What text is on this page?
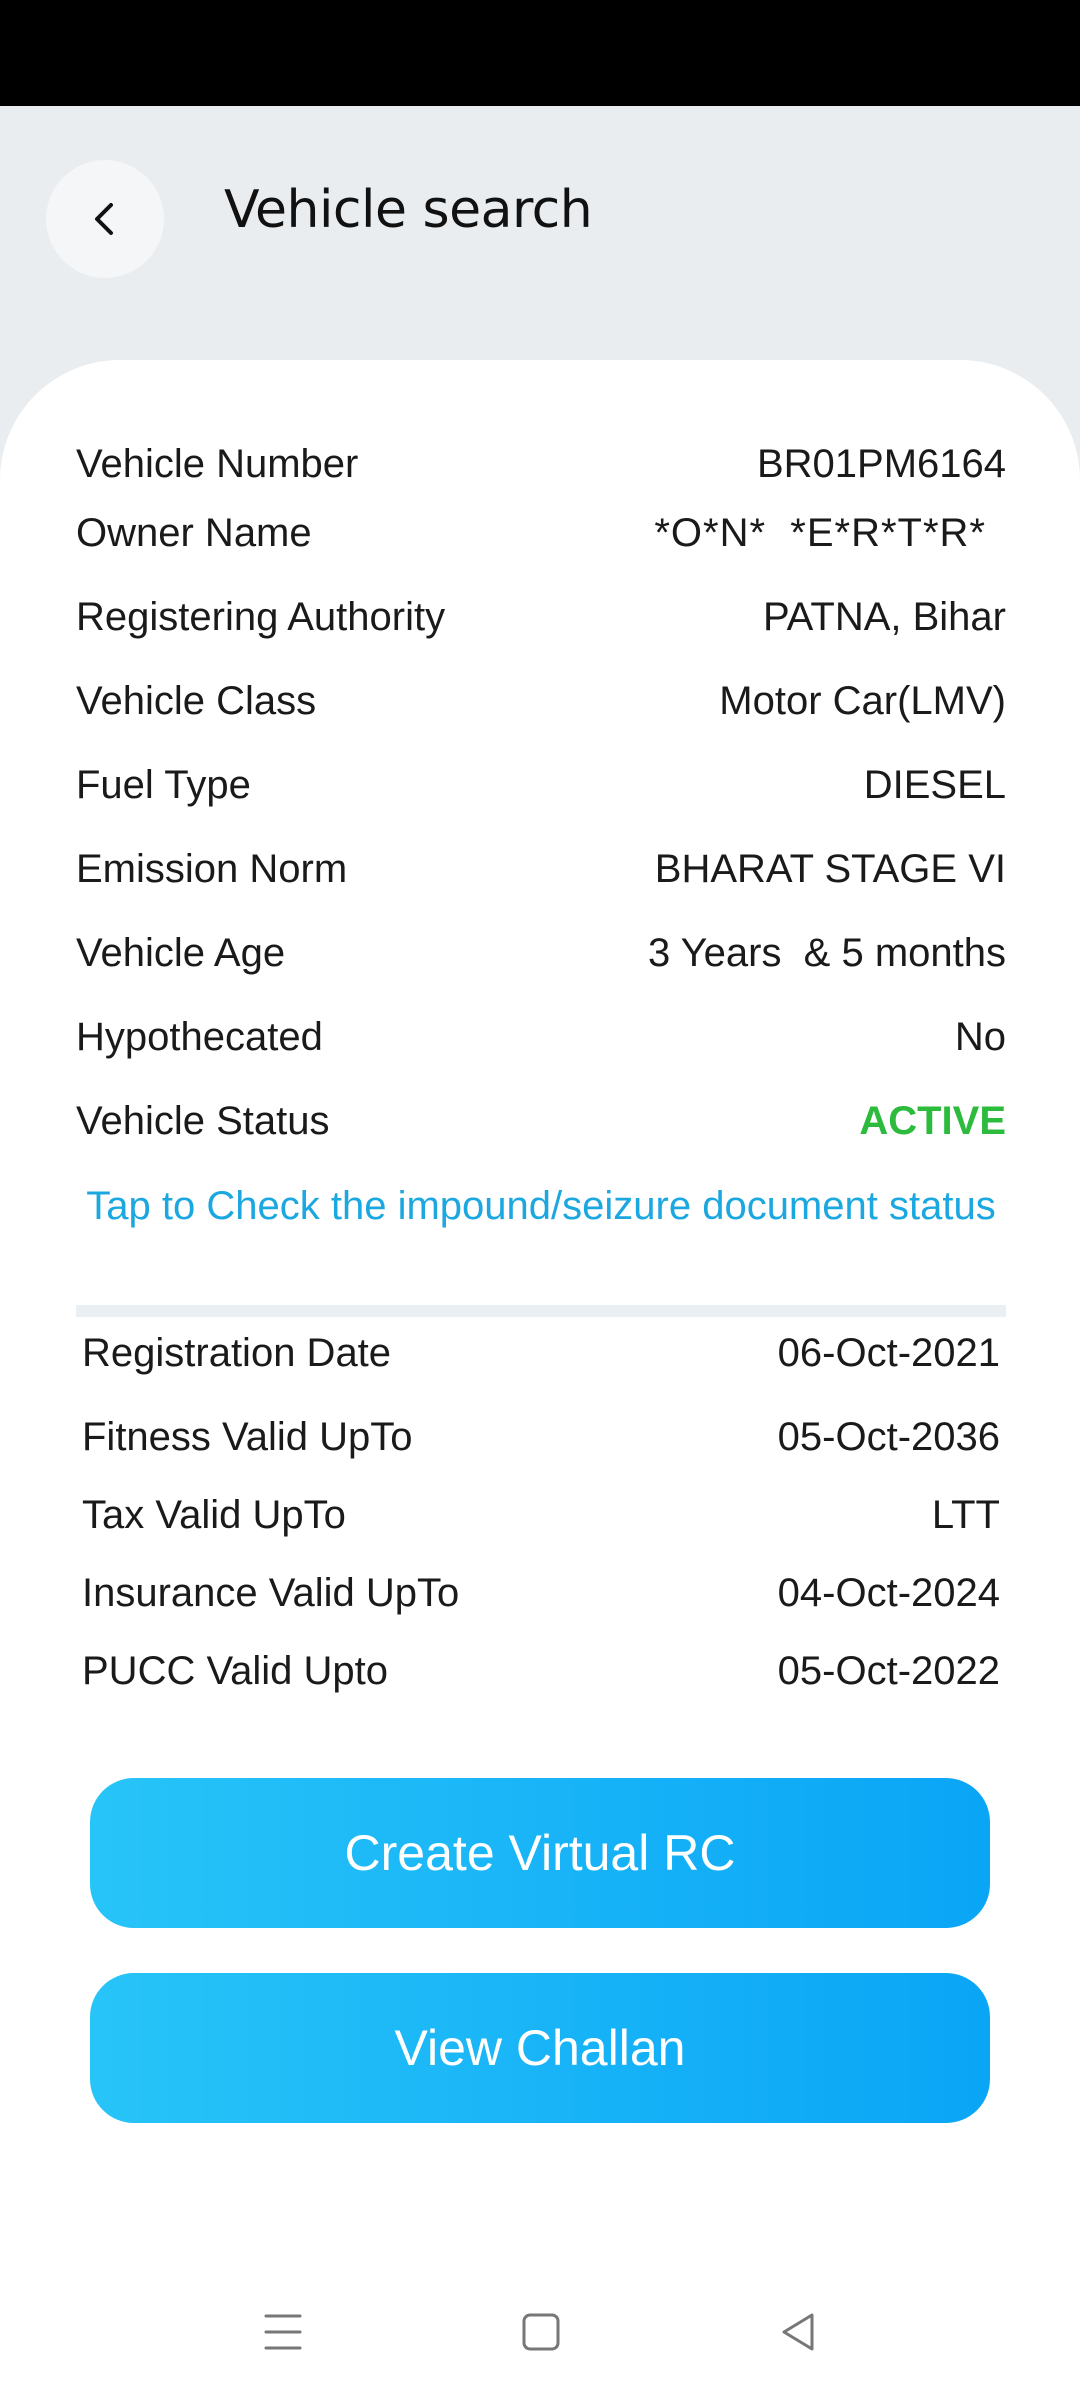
Vehicle search
Vehicle Number	BR01PM6164
Owner Name	*O*N*  *E*R*T*R*
Registering Authority	PATNA, Bihar
Vehicle Class	Motor Car(LMV)
Fuel Type	DIESEL
Emission Norm	BHARAT STAGE VI
Vehicle Age	3 Years  & 5 months
Hypothecated	No
Vehicle Status	ACTIVE
Tap to Check the impound/seizure document status
Registration Date	06-Oct-2021
Fitness Valid UpTo	05-Oct-2036
Tax Valid UpTo	LTT
Insurance Valid UpTo	04-Oct-2024
PUCC Valid Upto	05-Oct-2022
Create Virtual RC
View Challan
